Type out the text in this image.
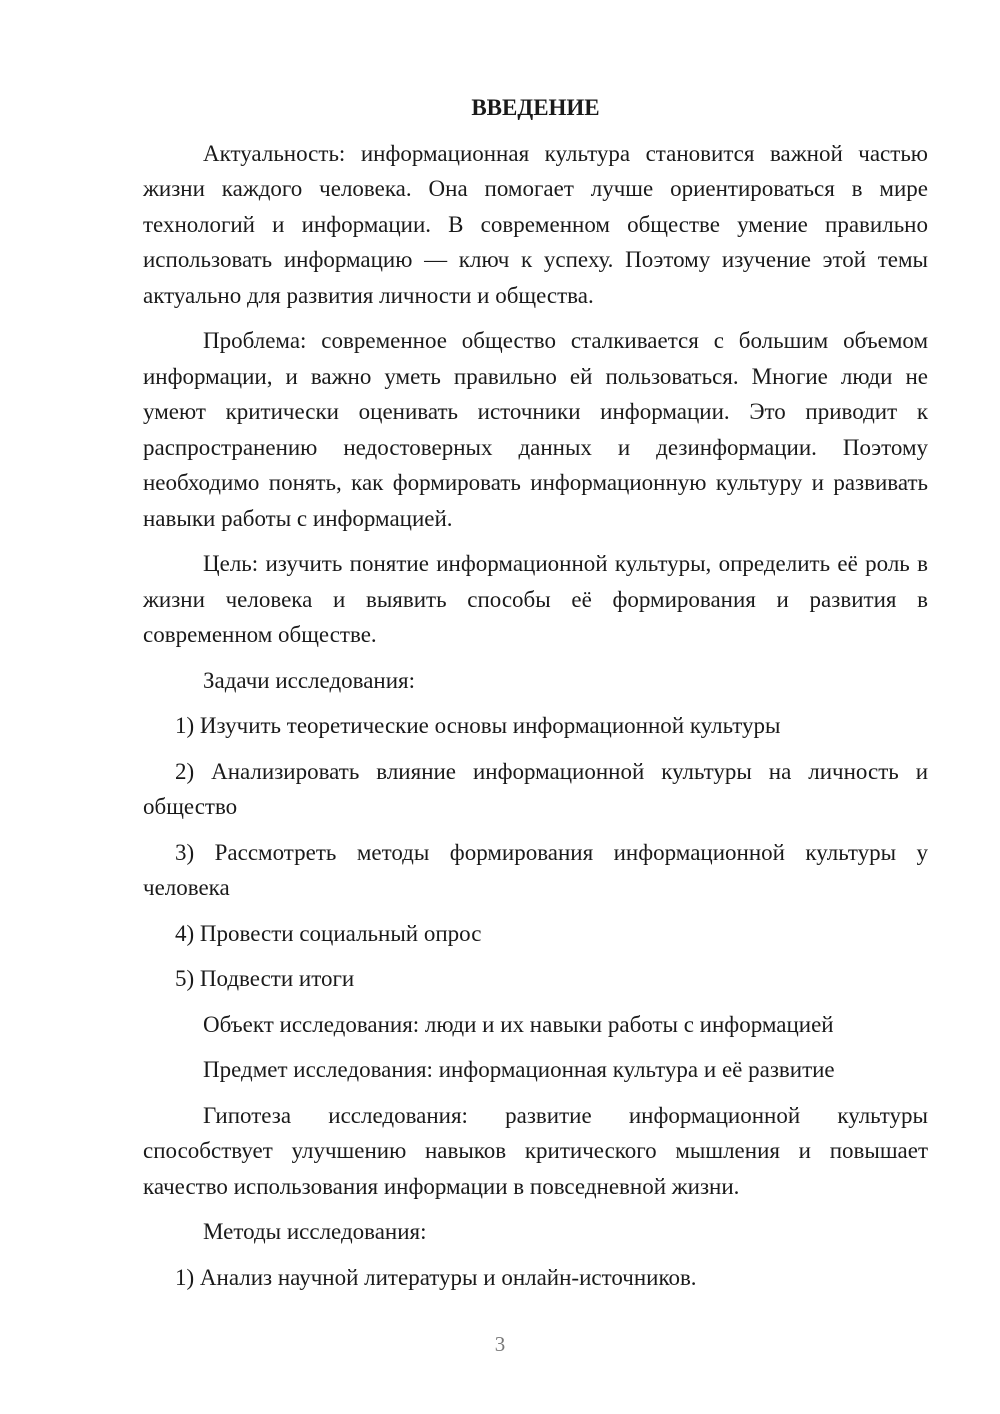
ВВЕДЕНИЕ

Актуальность: информационная культура становится важной частью жизни каждого человека. Она помогает лучше ориентироваться в мире технологий и информации. В современном обществе умение правильно использовать информацию — ключ к успеху. Поэтому изучение этой темы актуально для развития личности и общества.

Проблема: современное общество сталкивается с большим объемом информации, и важно уметь правильно ей пользоваться. Многие люди не умеют критически оценивать источники информации. Это приводит к распространению недостоверных данных и дезинформации. Поэтому необходимо понять, как формировать информационную культуру и развивать навыки работы с информацией.

Цель: изучить понятие информационной культуры, определить её роль в жизни человека и выявить способы её формирования и развития в современном обществе.

Задачи исследования:

1) Изучить теоретические основы информационной культуры

2) Анализировать влияние информационной культуры на личность и общество

3) Рассмотреть методы формирования информационной культуры у человека

4) Провести социальный опрос

5) Подвести итоги

Объект исследования: люди и их навыки работы с информацией

Предмет исследования: информационная культура и её развитие

Гипотеза исследования: развитие информационной культуры способствует улучшению навыков критического мышления и повышает качество использования информации в повседневной жизни.

Методы исследования:

1) Анализ научной литературы и онлайн-источников.

3
